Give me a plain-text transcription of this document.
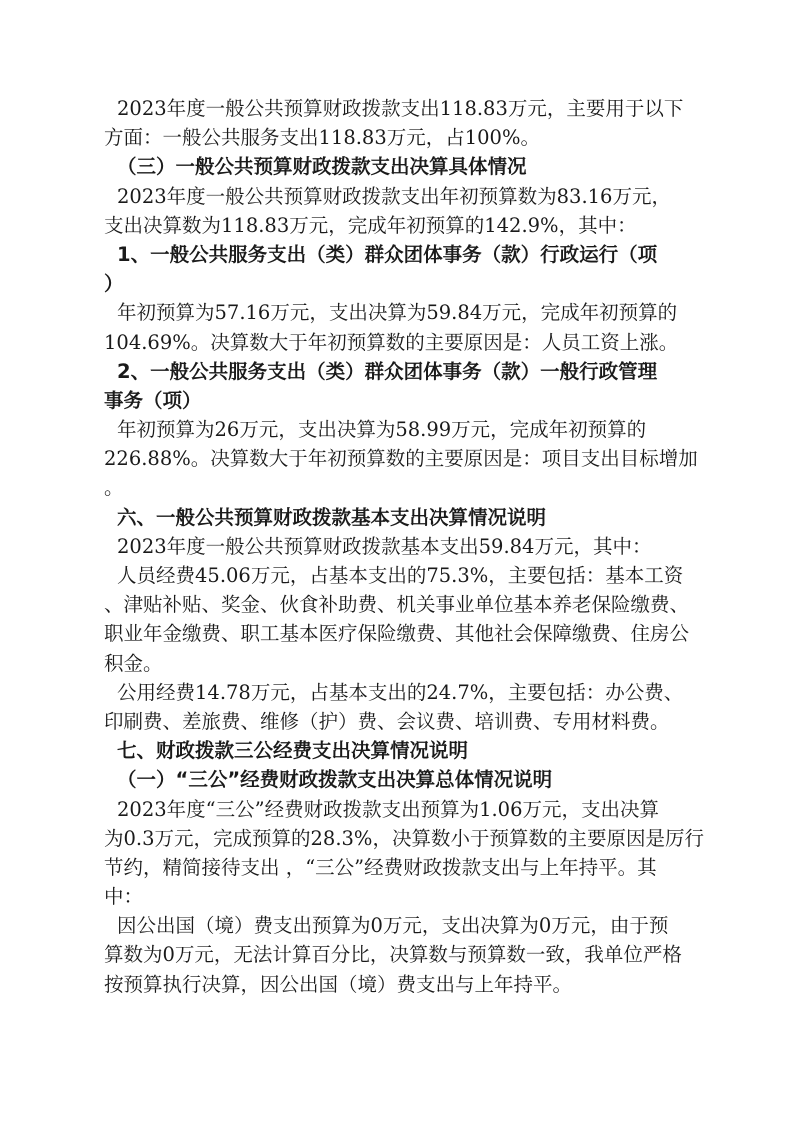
2023年度一般公共预算财政拨款支出118.83万元，主要用于以下
方面：一般公共服务支出118.83万元，占100%。
（三）一般公共预算财政拨款支出决算具体情况
2023年度一般公共预算财政拨款支出年初预算数为83.16万元，
支出决算数为118.83万元，完成年初预算的142.9%，其中：
1、一般公共服务支出（类）群众团体事务（款）行政运行（项
）
年初预算为57.16万元，支出决算为59.84万元，完成年初预算的
104.69%。决算数大于年初预算数的主要原因是：人员工资上涨。
2、一般公共服务支出（类）群众团体事务（款）一般行政管理
事务（项）
年初预算为26万元，支出决算为58.99万元，完成年初预算的
226.88%。决算数大于年初预算数的主要原因是：项目支出目标增加
。
六、一般公共预算财政拨款基本支出决算情况说明
2023年度一般公共预算财政拨款基本支出59.84万元，其中：
人员经费45.06万元，占基本支出的75.3%，主要包括：基本工资
、津贴补贴、奖金、伙食补助费、机关事业单位基本养老保险缴费、
职业年金缴费、职工基本医疗保险缴费、其他社会保障缴费、住房公
积金。
公用经费14.78万元，占基本支出的24.7%，主要包括：办公费、
印刷费、差旅费、维修（护）费、会议费、培训费、专用材料费。
七、财政拨款三公经费支出决算情况说明
（一）“三公”经费财政拨款支出决算总体情况说明
2023年度“三公”经费财政拨款支出预算为1.06万元，支出决算
为0.3万元，完成预算的28.3%，决算数小于预算数的主要原因是厉行
节约，精简接待支出 ，“三公”经费财政拨款支出与上年持平。其
中：
因公出国（境）费支出预算为0万元，支出决算为0万元，由于预
算数为0万元，无法计算百分比，决算数与预算数一致，我单位严格
按预算执行决算，因公出国（境）费支出与上年持平。
